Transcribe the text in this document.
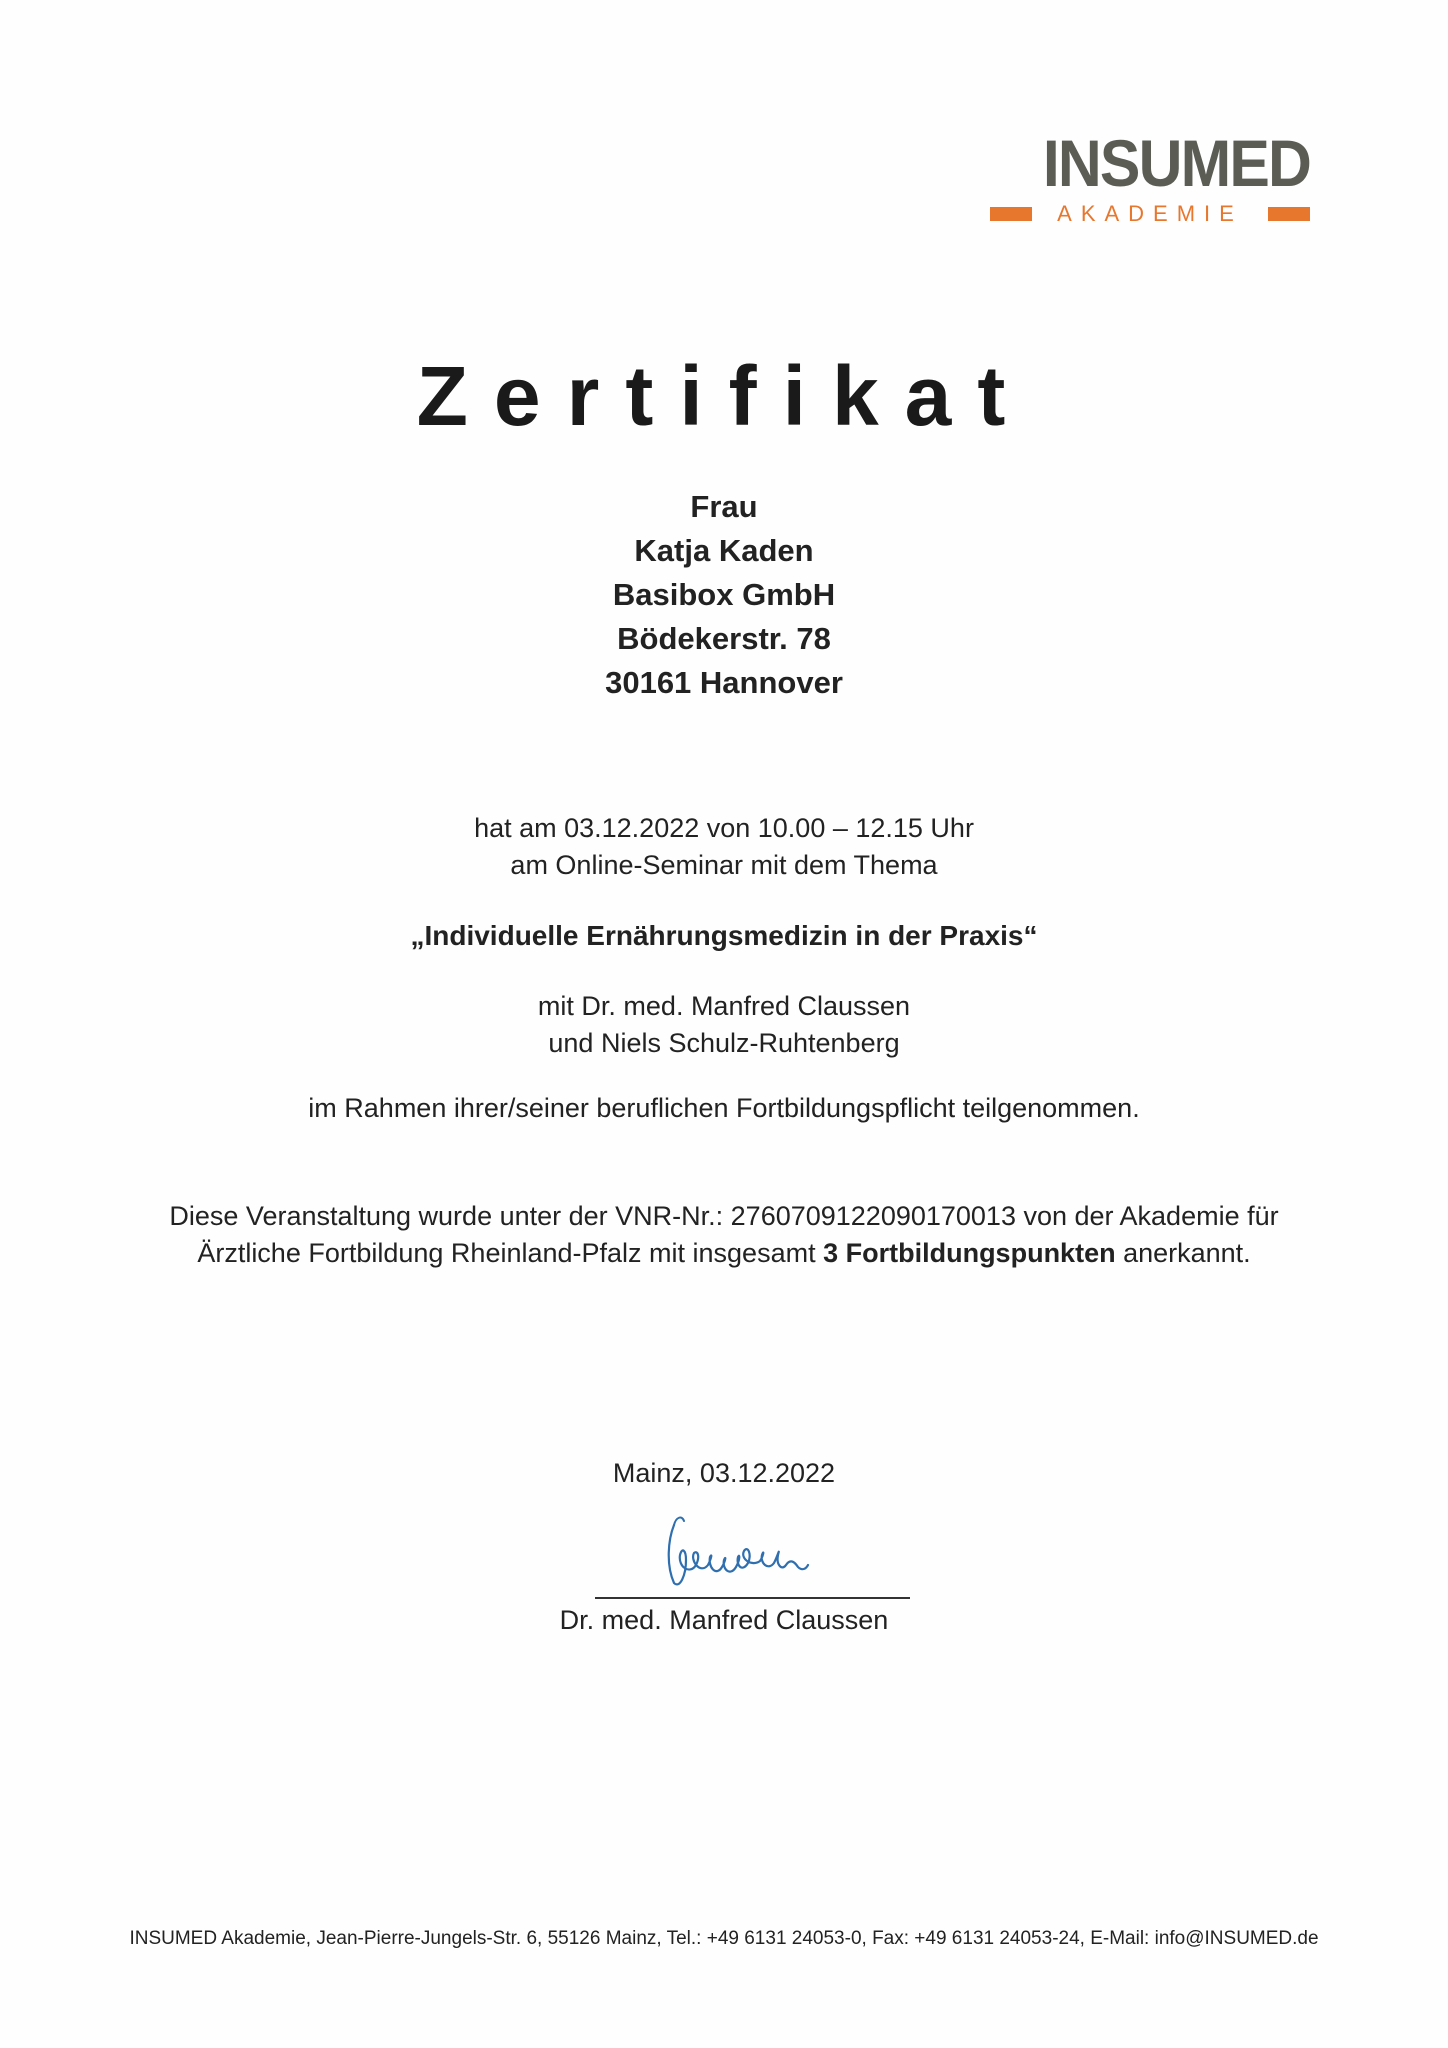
INSUMED
AKADEMIE
Zertifikat
Frau
Katja Kaden
Basibox GmbH
Bödekerstr. 78
30161 Hannover
hat am 03.12.2022 von 10.00 – 12.15 Uhr
am Online-Seminar mit dem Thema
„Individuelle Ernährungsmedizin in der Praxis“
mit Dr. med. Manfred Claussen
und Niels Schulz-Ruhtenberg
im Rahmen ihrer/seiner beruflichen Fortbildungspflicht teilgenommen.
Diese Veranstaltung wurde unter der VNR-Nr.: 2760709122090170013 von der Akademie für
Ärztliche Fortbildung Rheinland-Pfalz mit insgesamt 3 Fortbildungspunkten anerkannt.
Mainz, 03.12.2022
Dr. med. Manfred Claussen
INSUMED Akademie, Jean-Pierre-Jungels-Str. 6, 55126 Mainz, Tel.: +49 6131 24053-0, Fax: +49 6131 24053-24, E-Mail: info@INSUMED.de
